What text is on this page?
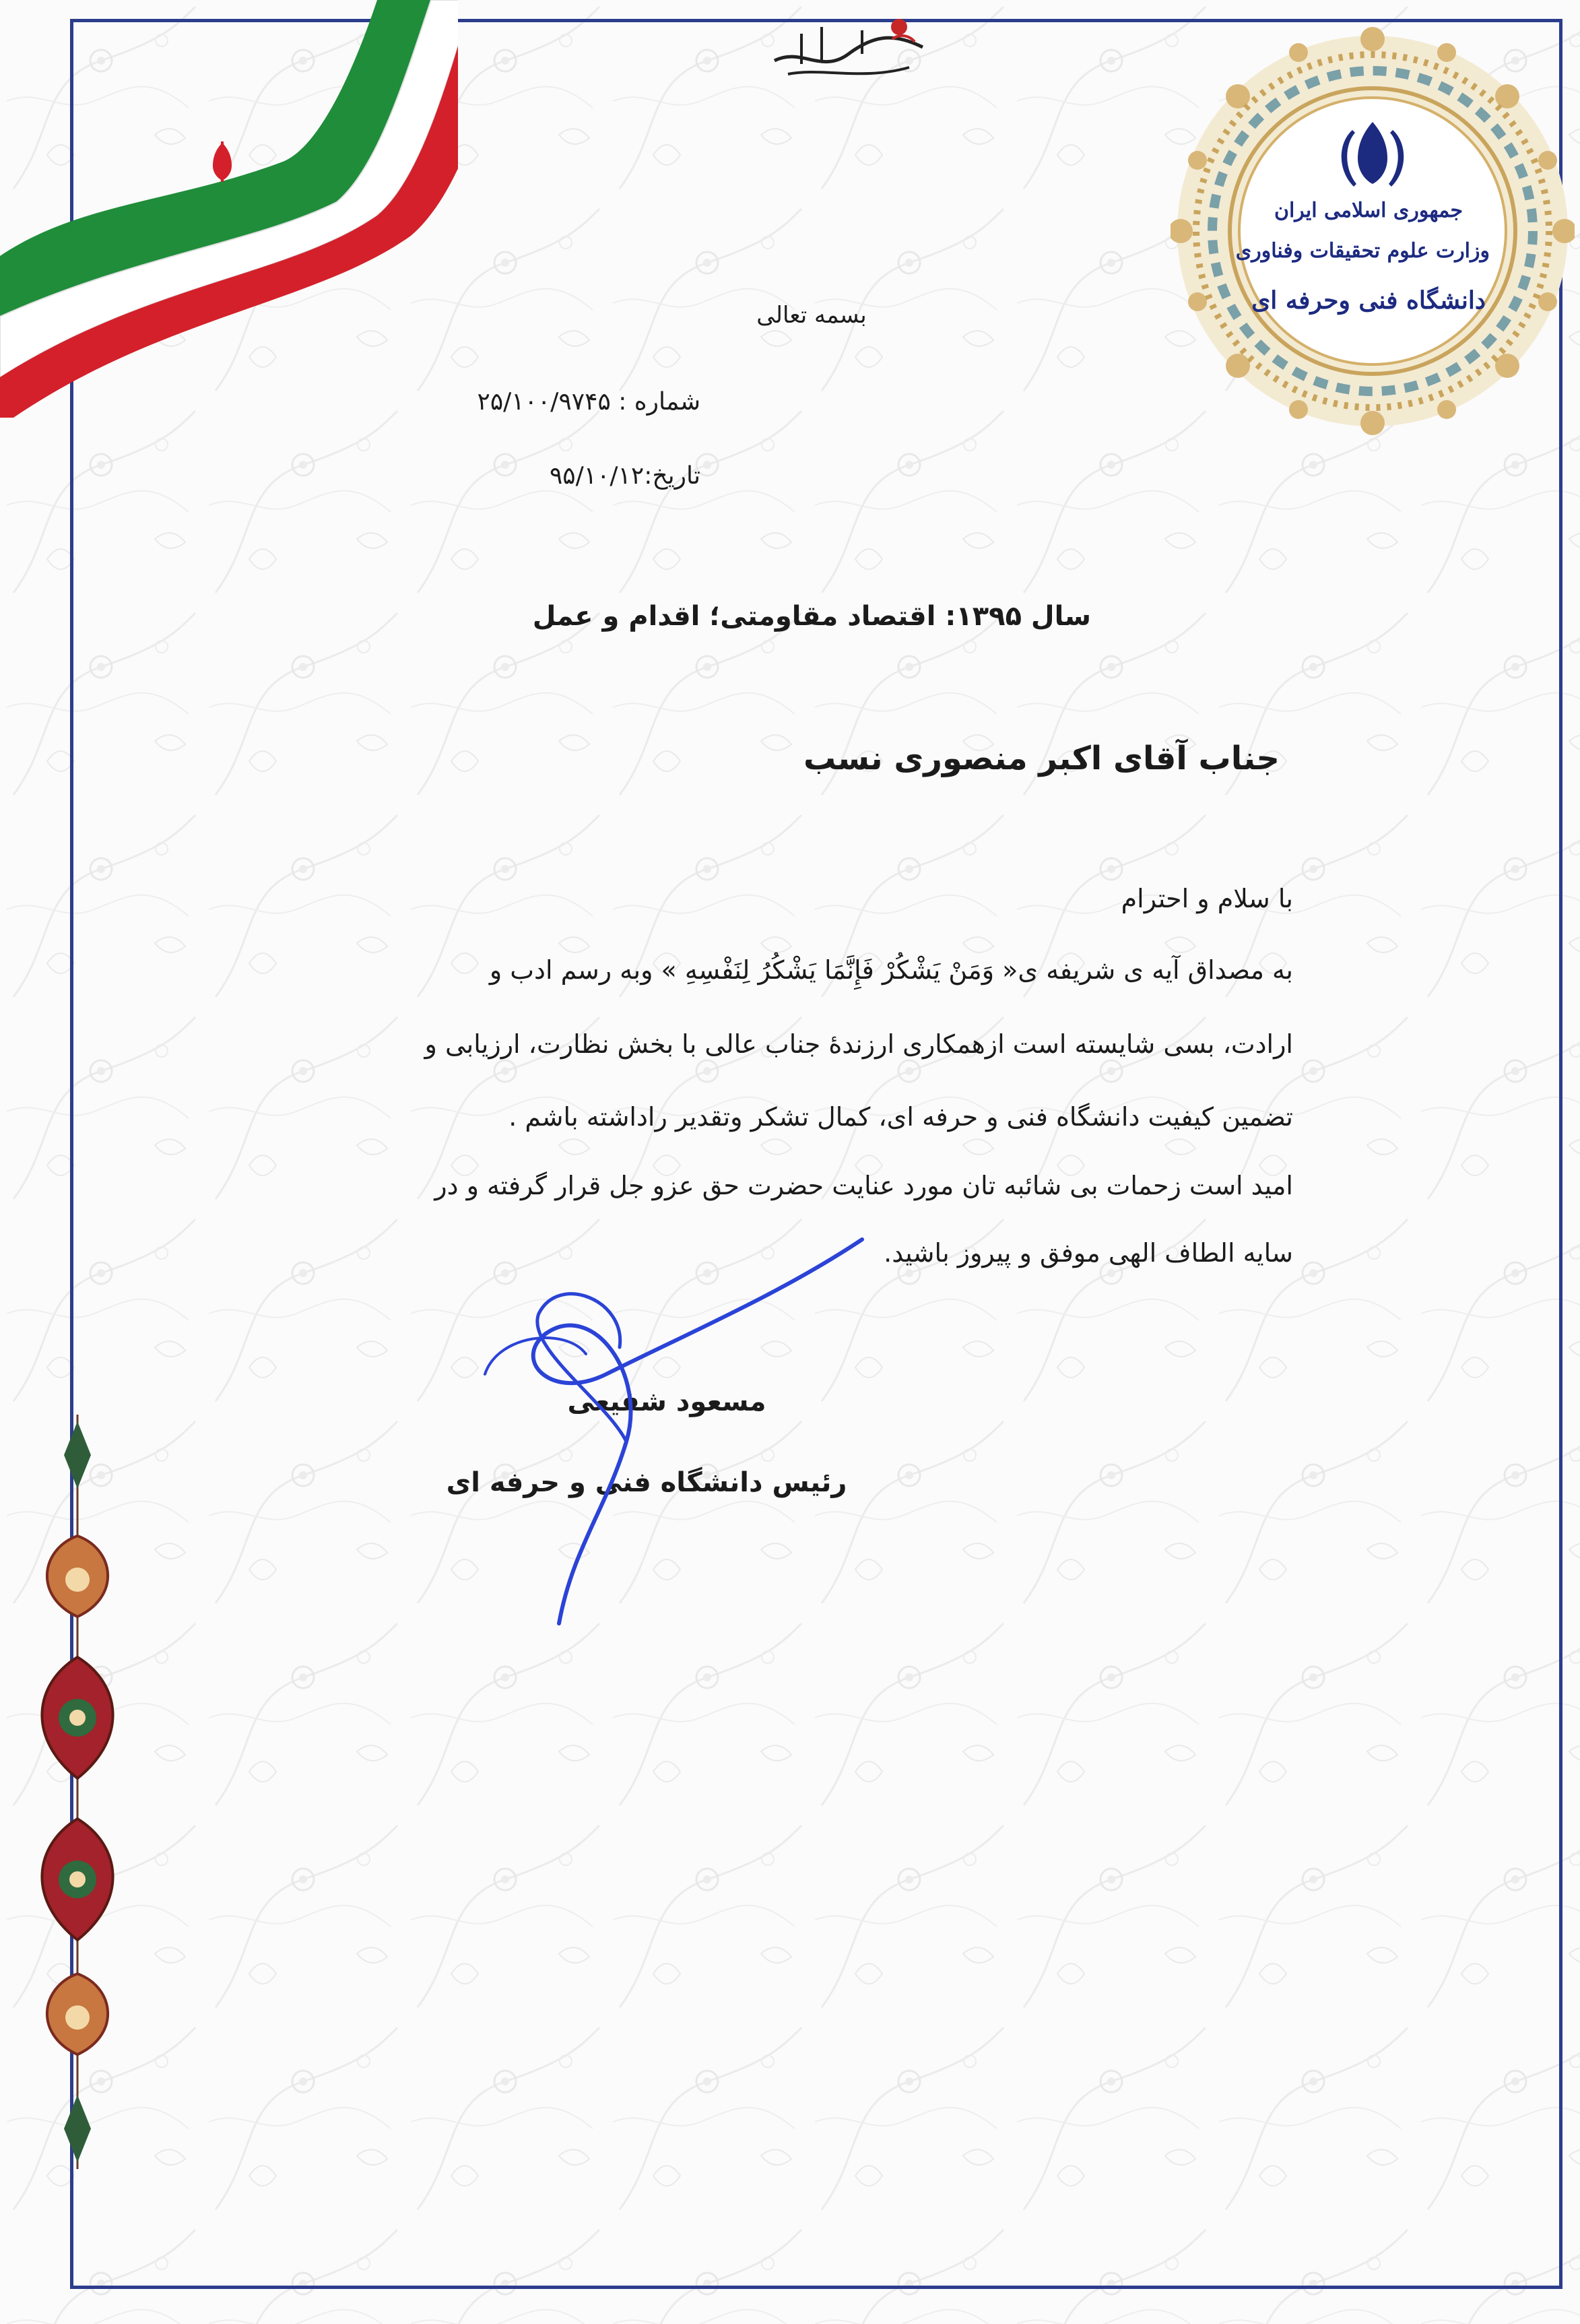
جمهوری اسلامی ایران
وزارت علوم تحقیقات وفناوری
دانشگاه فنی وحرفه ای
بسمه تعالی
شماره : ۲۵/۱۰۰/۹۷۴۵
تاریخ:۹۵/۱۰/۱۲
سال ۱۳۹۵: اقتصاد مقاومتی؛ اقدام و عمل
جناب آقای اکبر منصوری نسب
با سلام و احترام
به مصداق آیه ی شریفه ی« وَمَنْ يَشْكُرْ فَإِنَّمَا يَشْكُرُ لِنَفْسِهِ » وبه رسم ادب و
ارادت، بسی شایسته است ازهمکاری ارزندهٔ جناب عالی با بخش نظارت، ارزیابی و
تضمین کیفیت دانشگاه فنی و حرفه ای، کمال تشکر وتقدیر راداشته باشم .
امید است زحمات بی شائبه تان مورد عنایت حضرت حق عزو جل قرار گرفته و در
سایه الطاف الهی موفق و پیروز باشید.
مسعود شفیعی
رئیس دانشگاه فنی و حرفه ای
